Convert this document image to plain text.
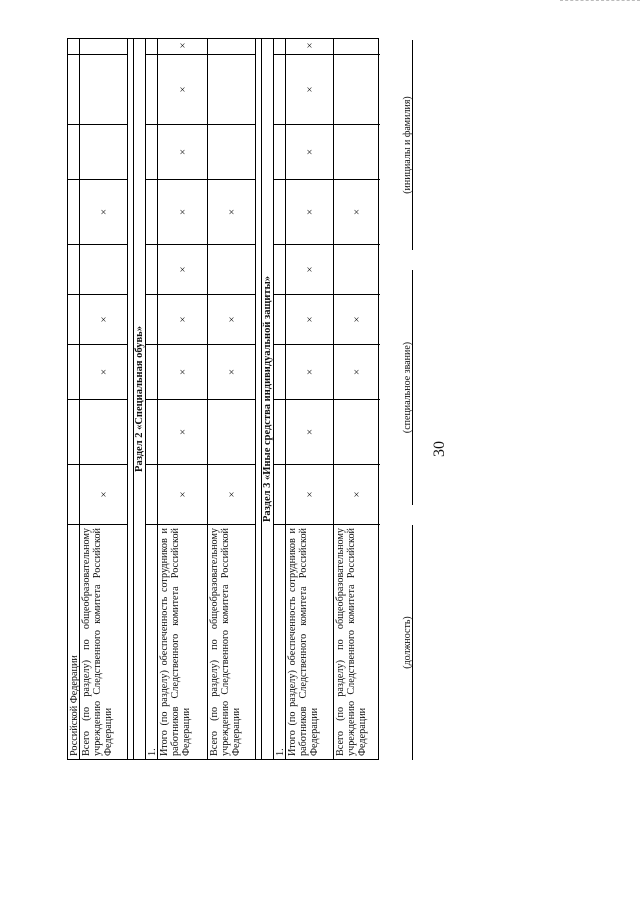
30
Российской Федерации Всего (по разделу) по общеобразовательному учреждению Следственного комитета Российской Федерации
×
×
×
×
Раздел 2 «Специальная обувь»
1. Итого (по разделу) обеспеченность сотрудников и работников Следственного комитета Российской Федерации
×
×
×
×
×
×
×
×
×
Всего (по разделу) по общеобразовательному учреждению Следственного комитета Российской Федерации
×
×
×
×
Раздел 3 «Иные средства индивидуальной защиты»
1. Итого (по разделу) обеспеченность сотрудников и работников Следственного комитета Российской Федерации
×
×
×
×
×
×
×
×
×
Всего (по разделу) по общеобразовательному учреждению Следственного комитета Российской Федерации
×
×
×
×
(должность)
(специальное звание)
(инициалы и фамилия)
